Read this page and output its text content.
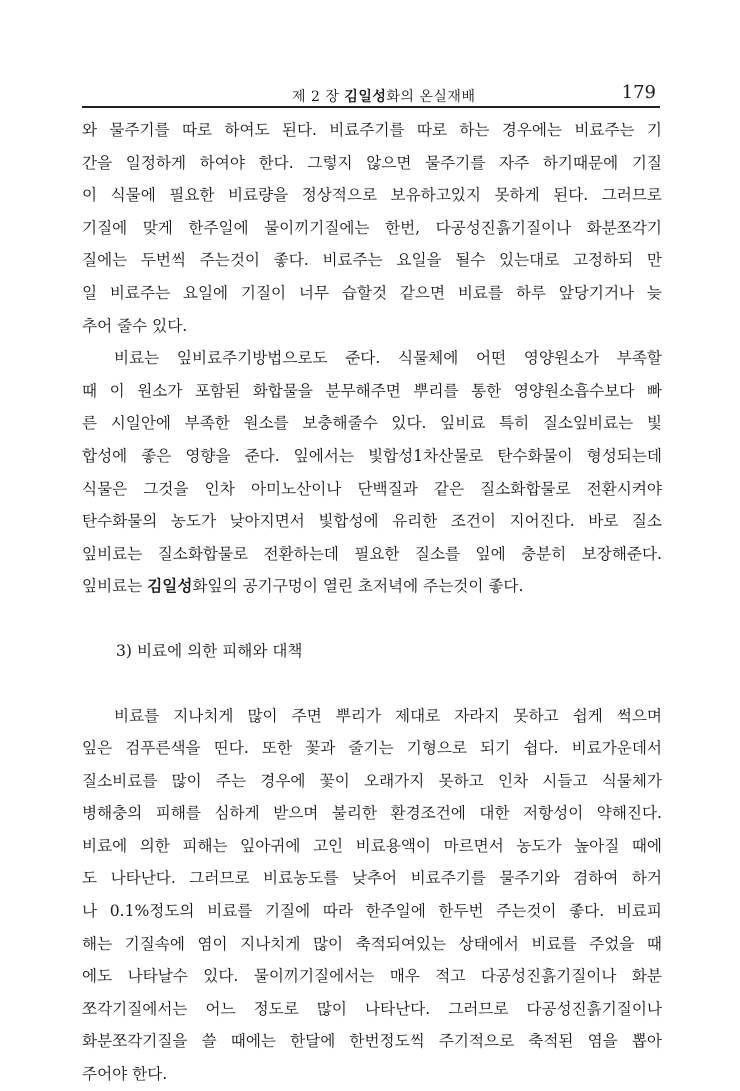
제 2 장 김일성화의 온실재배	179

와 물주기를 따로 하여도 된다. 비료주기를 따로 하는 경우에는 비료주는 기

간을 일정하게 하여야 한다. 그렇지 않으면 물주기를 자주 하기때문에 기질

이 식물에 필요한 비료량을 정상적으로 보유하고있지 못하게 된다. 그러므로

기질에 맞게 한주일에 물이끼기질에는 한번, 다공성진흙기질이나 화분쪼각기

질에는 두번씩 주는것이 좋다. 비료주는 요일을 될수 있는대로 고정하되 만

일 비료주는 요일에 기질이 너무 습할것 같으면 비료를 하루 앞당기거나 늦

추어 줄수 있다.

비료는 잎비료주기방법으로도 준다. 식물체에 어떤 영양원소가 부족할

때 이 원소가 포함된 화합물을 분무해주면 뿌리를 통한 영양원소흡수보다 빠

른 시일안에 부족한 원소를 보충해줄수 있다. 잎비료 특히 질소잎비료는 빛

합성에 좋은 영향을 준다. 잎에서는 빛합성1차산물로 탄수화물이 형성되는데

식물은 그것을 인차 아미노산이나 단백질과 같은 질소화합물로 전환시켜야

탄수화물의 농도가 낮아지면서 빛합성에 유리한 조건이 지어진다. 바로 질소

잎비료는 질소화합물로 전환하는데 필요한 질소를 잎에 충분히 보장해준다.

잎비료는 김일성화잎의 공기구멍이 열린 초저녁에 주는것이 좋다.

3) 비료에 의한 피해와 대책

비료를 지나치게 많이 주면 뿌리가 제대로 자라지 못하고 쉽게 썩으며

잎은 검푸른색을 띤다. 또한 꽃과 줄기는 기형으로 되기 쉽다. 비료가운데서

질소비료를 많이 주는 경우에 꽃이 오래가지 못하고 인차 시들고 식물체가

병해충의 피해를 심하게 받으며 불리한 환경조건에 대한 저항성이 약해진다.

비료에 의한 피해는 잎아귀에 고인 비료용액이 마르면서 농도가 높아질 때에

도 나타난다. 그러므로 비료농도를 낮추어 비료주기를 물주기와 겸하여 하거

나 0.1%정도의 비료를 기질에 따라 한주일에 한두번 주는것이 좋다. 비료피

해는 기질속에 염이 지나치게 많이 축적되여있는 상태에서 비료를 주었을 때

에도 나타날수 있다. 물이끼기질에서는 매우 적고 다공성진흙기질이나 화분

쪼각기질에서는 어느 정도로 많이 나타난다. 그러므로 다공성진흙기질이나

화분쪼각기질을 쓸 때에는 한달에 한번정도씩 주기적으로 축적된 염을 뽑아

주어야 한다.
